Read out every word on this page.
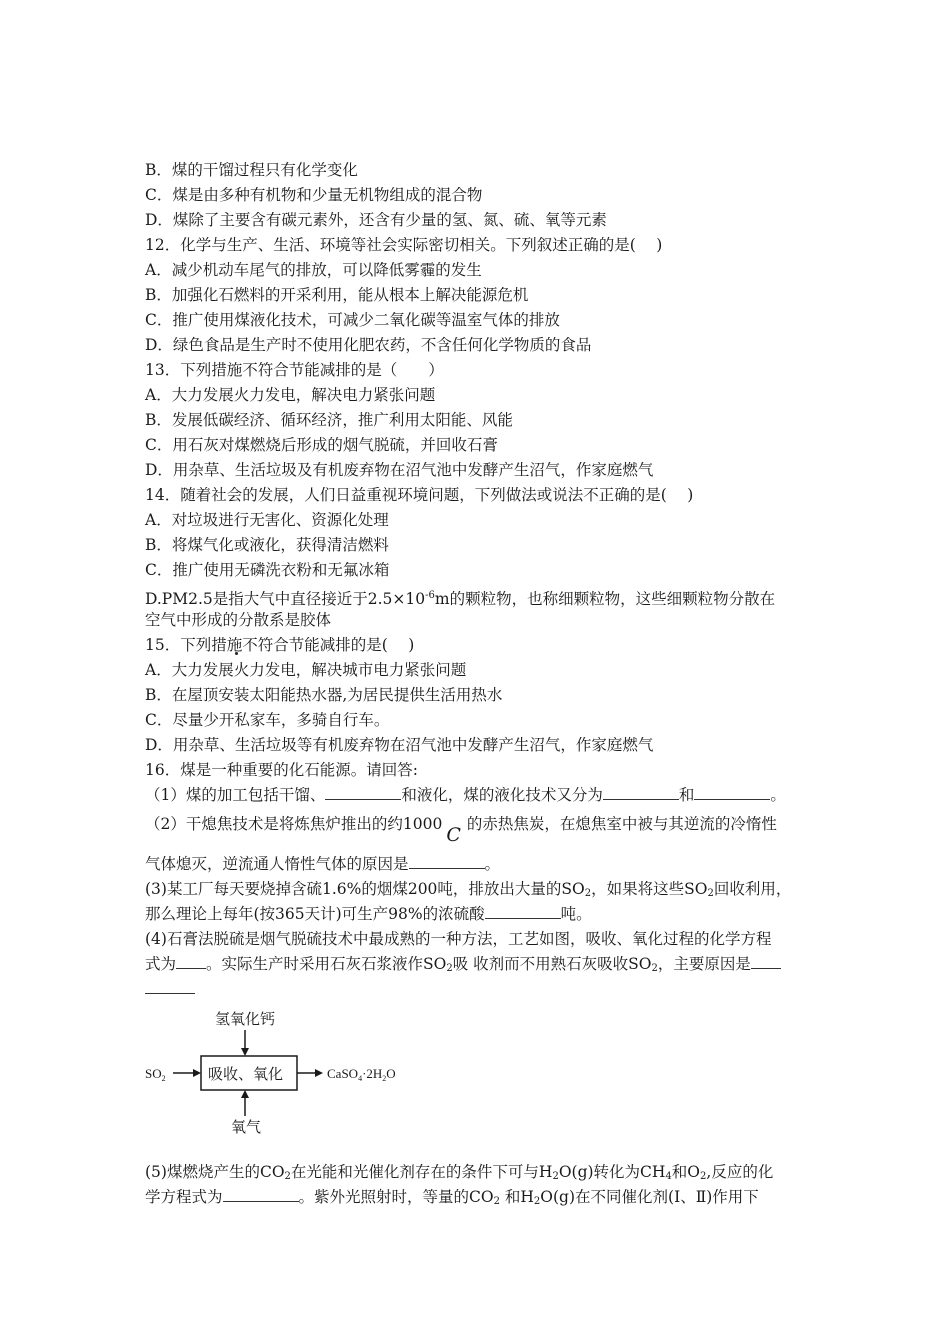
B．煤的干馏过程只有化学变化
C．煤是由多种有机物和少量无机物组成的混合物
D．煤除了主要含有碳元素外，还含有少量的氢、氮、硫、氧等元素
12．化学与生产、生活、环境等社会实际密切相关。下列叙述正确的是(　 )
A．减少机动车尾气的排放，可以降低雾霾的发生
B．加强化石燃料的开采利用，能从根本上解决能源危机
C．推广使用煤液化技术，可减少二氧化碳等温室气体的排放
D．绿色食品是生产时不使用化肥农药，不含任何化学物质的食品
13．下列措施不符合节能减排的是（　　）
A．大力发展火力发电，解决电力紧张问题
B．发展低碳经济、循环经济，推广利用太阳能、风能
C．用石灰对煤燃烧后形成的烟气脱硫，并回收石膏
D．用杂草、生活垃圾及有机废弃物在沼气池中发酵产生沼气，作家庭燃气
14．随着社会的发展，人们日益重视环境问题，下列做法或说法不正确的是(　 )
A．对垃圾进行无害化、资源化处理
B．将煤气化或液化，获得清洁燃料
C．推广使用无磷洗衣粉和无氟冰箱
D.PM2.5是指大气中直径接近于$2.5\times 10^{-6}m$的颗粒物，也称细颗粒物，这些细颗粒物分散在
空气中形成的分散系是胶体
15．下列措施不符合节能减排的是(　 )
A．大力发展火力发电，解决城市电力紧张问题
B．在屋顶安装太阳能热水器,为居民提供生活用热水
C．尽量少开私家车，多骑自行车。
D．用杂草、生活垃圾等有机废弃物在沼气池中发酵产生沼气，作家庭燃气
16．煤是一种重要的化石能源。请回答:
（1）煤的加工包括干馏、	和液化，煤的液化技术又分为	和	。
（2）干熄焦技术是将炼焦炉推出的约1000 C 的赤热焦炭，在熄焦室中被与其逆流的冷惰性
气体熄灭，逆流通人惰性气体的原因是	。
(3)某工厂每天要烧掉含硫1.6%的烟煤200吨，排放出大量的$SO_2$，如果将这些$SO_2$回收利用，
那么理论上每年(按365天计)可生产98%的浓硫酸	吨。
(4)石膏法脱硫是烟气脱硫技术中最成熟的一种方法，工艺如图，吸收、氧化过程的化学方程
式为 。实际生产时采用石灰石浆液作$SO_2$吸 收剂而不用熟石灰吸收$SO_2$，主要原因是
氢氧化钙
吸收、氧化
$SO_2$	$CaSO_4\cdot 2H_2O$
氧气
(5)煤燃烧产生的$CO_2$在光能和光催化剂存在的条件下可与$H_2O(g)$转化为$CH_4$和$O_2$,反应的化
学方程式为	。紫外光照射时，等量的$CO_2$ 和$H_2O(g)$在不同催化剂(Ⅰ、Ⅱ)作用下
